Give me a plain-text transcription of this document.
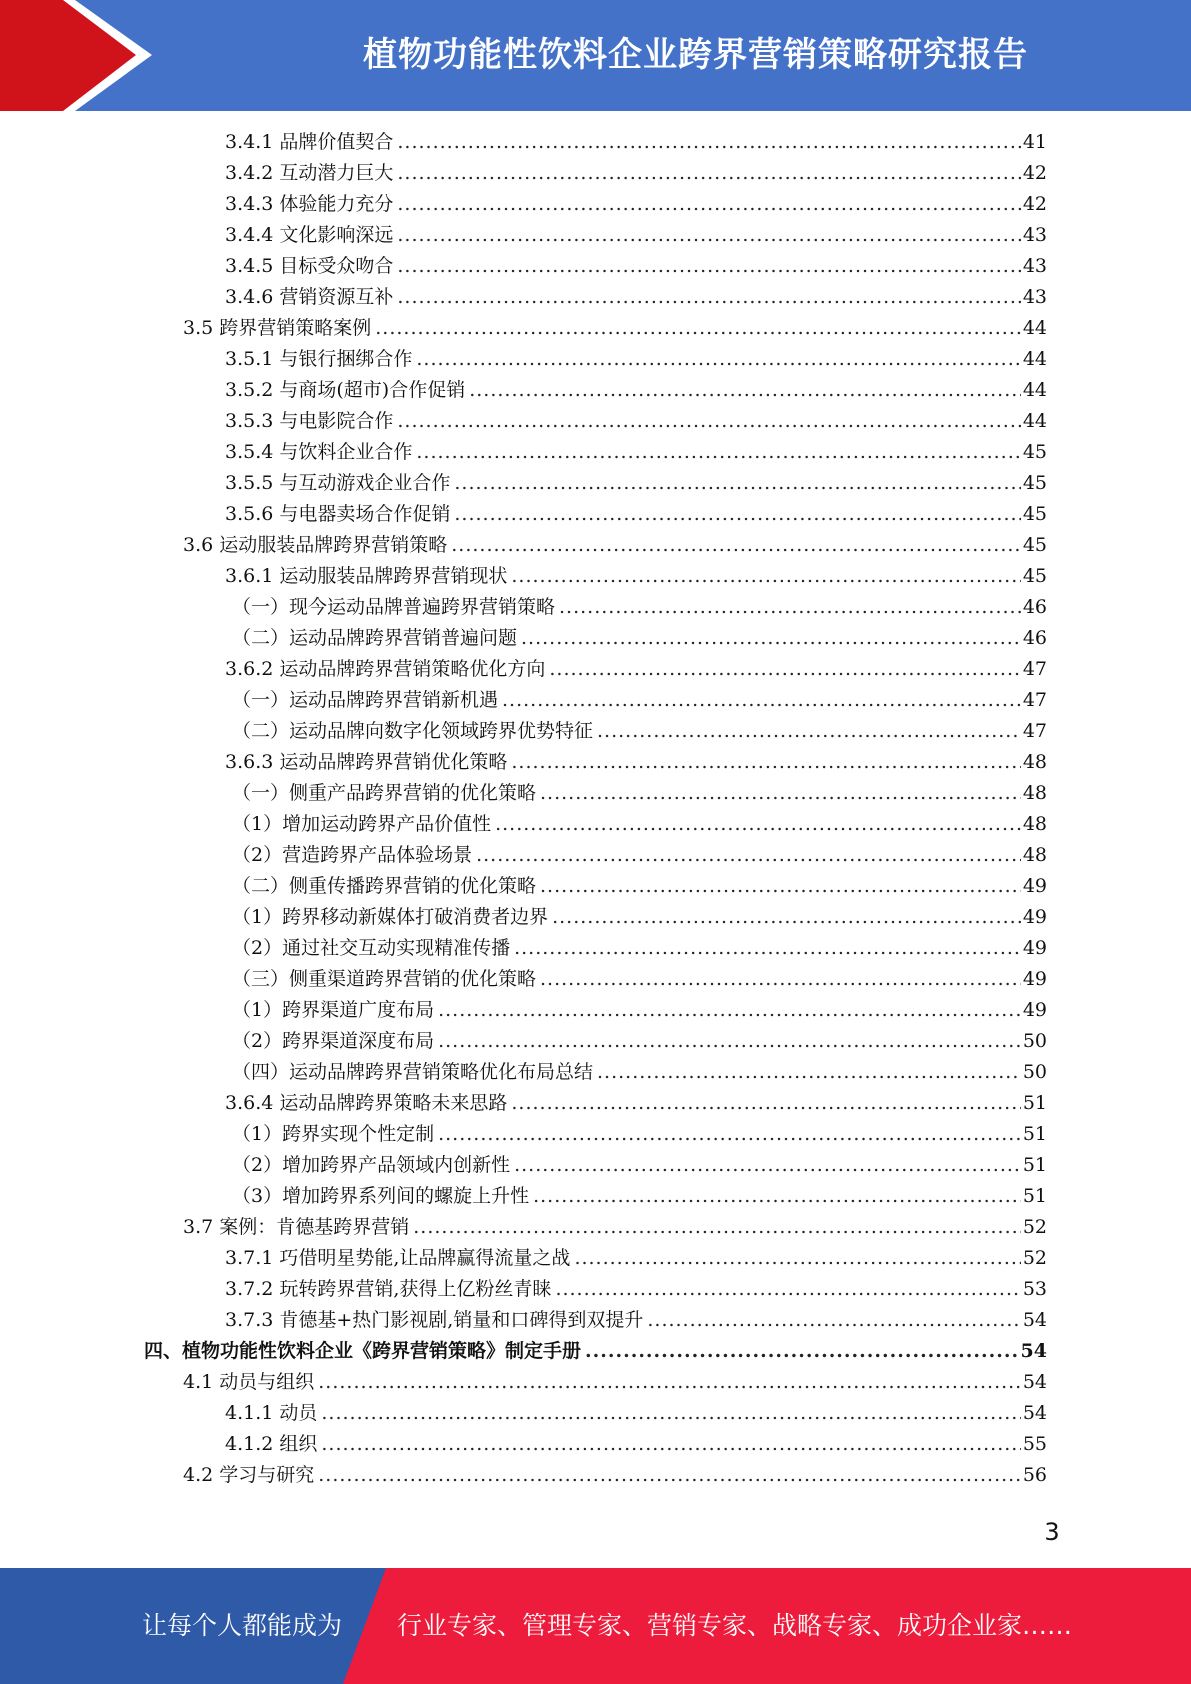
植物功能性饮料企业跨界营销策略研究报告
3.4.1 品牌价值契合 .....	41
3.4.2 互动潜力巨大 .....	42
3.4.3 体验能力充分 .....	42
3.4.4 文化影响深远 .....	43
3.4.5 目标受众吻合 .....	43
3.4.6 营销资源互补 .....	43
3.5 跨界营销策略案例 .....	44
3.5.1 与银行捆绑合作 .....	44
3.5.2 与商场(超市)合作促销 .....	44
3.5.3 与电影院合作 .....	44
3.5.4 与饮料企业合作 .....	45
3.5.5 与互动游戏企业合作 .....	45
3.5.6 与电器卖场合作促销 .....	45
3.6 运动服装品牌跨界营销策略 .....	45
3.6.1 运动服装品牌跨界营销现状 .....	45
（一）现今运动品牌普遍跨界营销策略 .....	46
（二）运动品牌跨界营销普遍问题 .....	46
3.6.2 运动品牌跨界营销策略优化方向 .....	47
（一）运动品牌跨界营销新机遇 .....	47
（二）运动品牌向数字化领域跨界优势特征 .....	47
3.6.3 运动品牌跨界营销优化策略 .....	48
（一）侧重产品跨界营销的优化策略 .....	48
（1）增加运动跨界产品价值性 .....	48
（2）营造跨界产品体验场景 .....	48
（二）侧重传播跨界营销的优化策略 .....	49
（1）跨界移动新媒体打破消费者边界 .....	49
（2）通过社交互动实现精准传播 .....	49
（三）侧重渠道跨界营销的优化策略 .....	49
（1）跨界渠道广度布局 .....	49
（2）跨界渠道深度布局 .....	50
（四）运动品牌跨界营销策略优化布局总结 .....	50
3.6.4 运动品牌跨界策略未来思路 .....	51
（1）跨界实现个性定制 .....	51
（2）增加跨界产品领域内创新性 .....	51
（3）增加跨界系列间的螺旋上升性 .....	51
3.7 案例：肯德基跨界营销 .....	52
3.7.1 巧借明星势能,让品牌赢得流量之战 .....	52
3.7.2 玩转跨界营销,获得上亿粉丝青睐 .....	53
3.7.3 肯德基+热门影视剧,销量和口碑得到双提升 .....	54
四、植物功能性饮料企业《跨界营销策略》制定手册 .....	54
4.1 动员与组织 .....	54
4.1.1 动员 .....	54
4.1.2 组织 .....	55
4.2 学习与研究 .....	56
3
让每个人都能成为 行业专家、管理专家、营销专家、战略专家、成功企业家……
